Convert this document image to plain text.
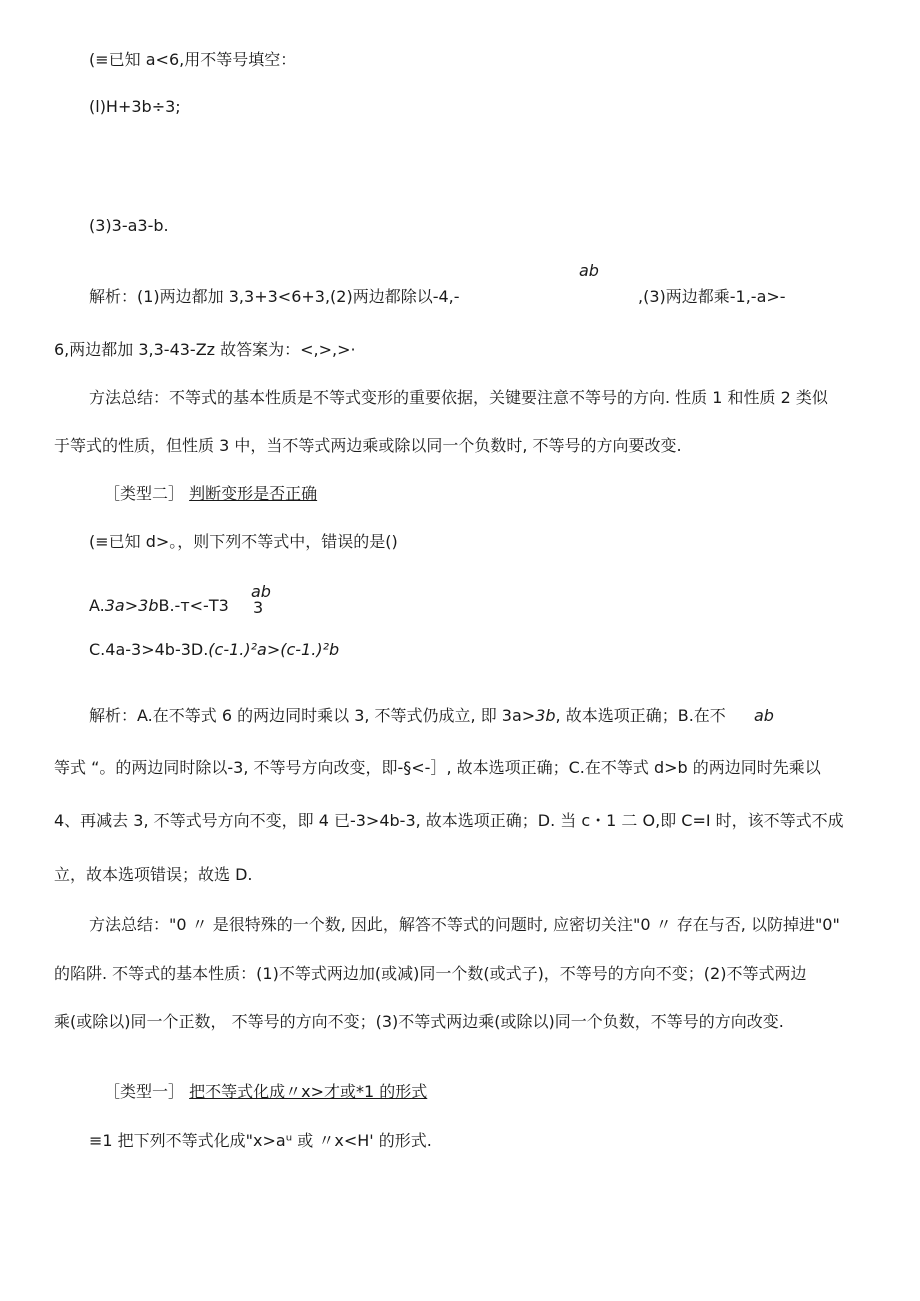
(≡已知 a<6,用不等号填空：
(l)H+3b÷3;
(3)3-a3-b.
ab
解析：(1)两边都加 3,3+3<6+3,(2)两边都除以-4,-	,(3)两边都乘-1,-a>-
6,两边都加 3,3-43-Zz 故答案为：<,>,>·
方法总结：不等式的基本性质是不等式变形的重要依据，关键要注意不等号的方向. 性质 1 和性质 2 类似
于等式的性质，但性质 3 中，当不等式两边乘或除以同一个负数时, 不等号的方向要改变.
［类型二］ 判断变形是否正确
(≡已知 d>。，则下列不等式中，错误的是()
ab
A.3a>3bB.-т<-T3 3
C.4a-3>4b-3D.(c-1.)²a>(c-1.)²b
解析：A.在不等式 6 的两边同时乘以 3, 不等式仍成立, 即 3a>3b, 故本选项正确；B.在不 ab
等式 “。的两边同时除以-3, 不等号方向改变，即-§<-］, 故本选项正确；C.在不等式 d>b 的两边同时先乘以
4、再减去 3, 不等式号方向不变，即 4 已-3>4b-3, 故本选项正确；D. 当 c・1 二 O,即 C=I 时，该不等式不成
立，故本选项错误；故选 D.
方法总结："0 〃 是很特殊的一个数, 因此，解答不等式的问题时, 应密切关注"0 〃 存在与否, 以防掉进"0"
的陷阱. 不等式的基本性质：(1)不等式两边加(或减)同一个数(或式子)，不等号的方向不变；(2)不等式两边
乘(或除以)同一个正数， 不等号的方向不变；(3)不等式两边乘(或除以)同一个负数，不等号的方向改变.
［类型一］ 把不等式化成〃x>才或*1 的形式
≡1 把下列不等式化成"x>aᵘ 或 〃x<H' 的形式.
